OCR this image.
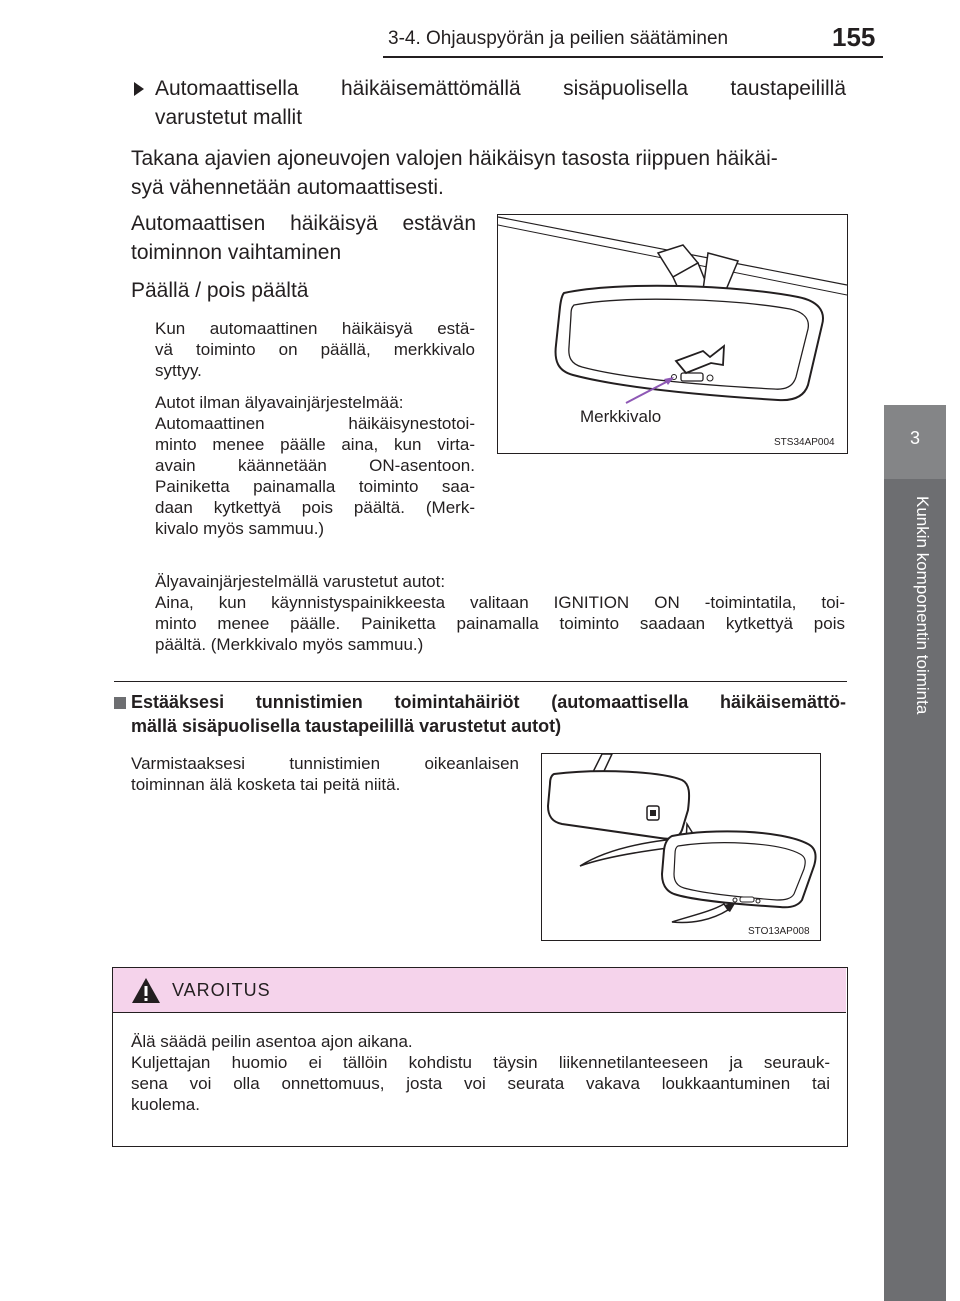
3-4. Ohjauspyörän ja peilien säätäminen	155
3
Kunkin komponentin toiminta
Automaattisella häikäisemättömällä sisäpuolisella taustapeilillä
varustetut mallit
Takana ajavien ajoneuvojen valojen häikäisyn tasosta riippuen häikäi-
syä vähennetään automaattisesti.
Automaattisen häikäisyä estävän
toiminnon vaihtaminen
Päällä / pois päältä
Kun automaattinen häikäisyä estä-
vä toiminto on päällä, merkkivalo
syttyy.
Autot ilman älyavainjärjestelmää:
Automaattinen häikäisynestotoi-
minto menee päälle aina, kun virta-
avain käännetään ON-asentoon.
Painiketta painamalla toiminto saa-
daan kytkettyä pois päältä. (Merk-
kivalo myös sammuu.)
Älyavainjärjestelmällä varustetut autot:
Aina, kun käynnistyspainikkeesta valitaan IGNITION ON -toimintatila, toi-
minto menee päälle. Painiketta painamalla toiminto saadaan kytkettyä pois
päältä. (Merkkivalo myös sammuu.)
Merkkivalo
STS34AP004
Estääksesi tunnistimien toimintahäiriöt (automaattisella häikäisemättö-
mällä sisäpuolisella taustapeilillä varustetut autot)
Varmistaaksesi tunnistimien oikeanlaisen
toiminnan älä kosketa tai peitä niitä.
STO13AP008
VAROITUS
Älä säädä peilin asentoa ajon aikana.
Kuljettajan huomio ei tällöin kohdistu täysin liikennetilanteeseen ja seurauk-
sena voi olla onnettomuus, josta voi seurata vakava loukkaantuminen tai
kuolema.
